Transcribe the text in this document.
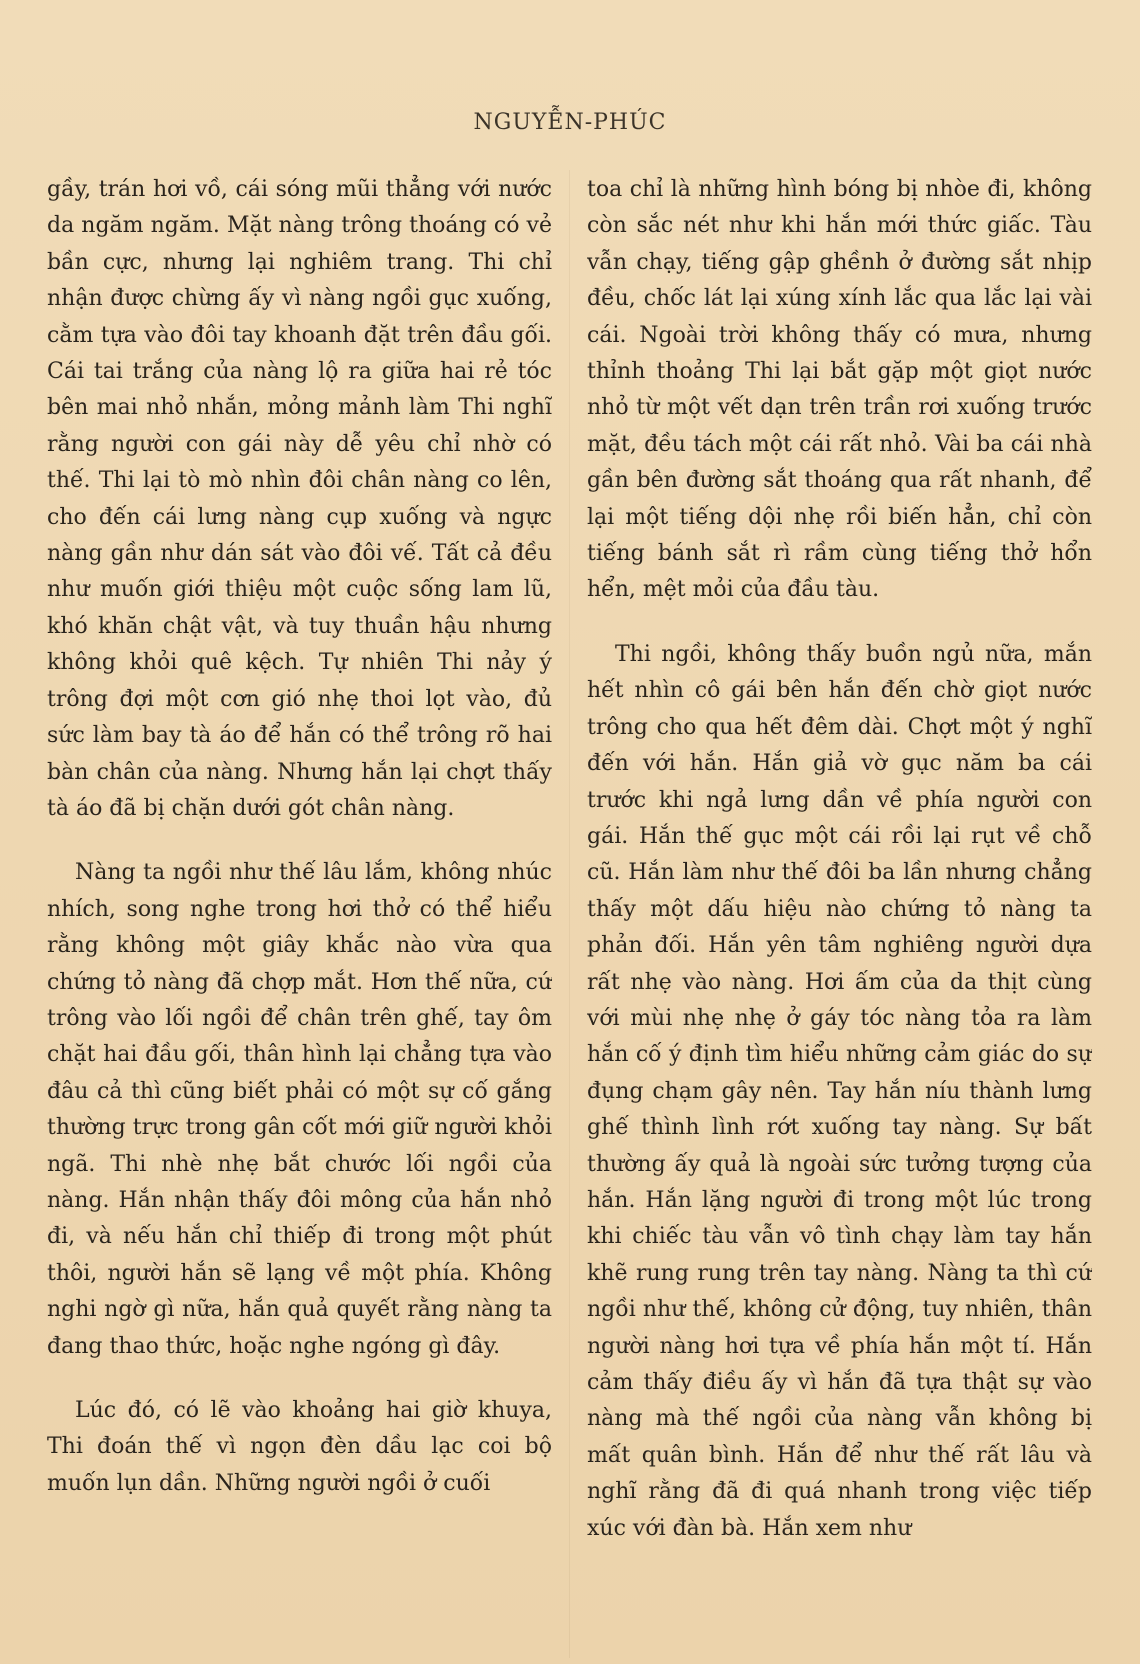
NGUYỄN-PHÚC

gầy, trán hơi vồ, cái sóng mũi thẳng với nước da ngăm ngăm. Mặt nàng trông thoáng có vẻ bần cực, nhưng lại nghiêm trang. Thi chỉ nhận được chừng ấy vì nàng ngồi gục xuống, cằm tựa vào đôi tay khoanh đặt trên đầu gối. Cái tai trắng của nàng lộ ra giữa hai rẻ tóc bên mai nhỏ nhắn, mỏng mảnh làm Thi nghĩ rằng người con gái này dễ yêu chỉ nhờ có thế. Thi lại tò mò nhìn đôi chân nàng co lên, cho đến cái lưng nàng cụp xuống và ngực nàng gần như dán sát vào đôi vế. Tất cả đều như muốn giới thiệu một cuộc sống lam lũ, khó khăn chật vật, và tuy thuần hậu nhưng không khỏi quê kệch. Tự nhiên Thi nảy ý trông đợi một cơn gió nhẹ thoi lọt vào, đủ sức làm bay tà áo để hắn có thể trông rõ hai bàn chân của nàng. Nhưng hắn lại chợt thấy tà áo đã bị chặn dưới gót chân nàng.

Nàng ta ngồi như thế lâu lắm, không nhúc nhích, song nghe trong hơi thở có thể hiểu rằng không một giây khắc nào vừa qua chứng tỏ nàng đã chợp mắt. Hơn thế nữa, cứ trông vào lối ngồi để chân trên ghế, tay ôm chặt hai đầu gối, thân hình lại chẳng tựa vào đâu cả thì cũng biết phải có một sự cố gắng thường trực trong gân cốt mới giữ người khỏi ngã. Thi nhè nhẹ bắt chước lối ngồi của nàng. Hắn nhận thấy đôi mông của hắn nhỏ đi, và nếu hắn chỉ thiếp đi trong một phút thôi, người hắn sẽ lạng về một phía. Không nghi ngờ gì nữa, hắn quả quyết rằng nàng ta đang thao thức, hoặc nghe ngóng gì đây.

Lúc đó, có lẽ vào khoảng hai giờ khuya, Thi đoán thế vì ngọn đèn dầu lạc coi bộ muốn lụn dần. Những người ngồi ở cuối

toa chỉ là những hình bóng bị nhòe đi, không còn sắc nét như khi hắn mới thức giấc. Tàu vẫn chạy, tiếng gập ghềnh ở đường sắt nhịp đều, chốc lát lại xúng xính lắc qua lắc lại vài cái. Ngoài trời không thấy có mưa, nhưng thỉnh thoảng Thi lại bắt gặp một giọt nước nhỏ từ một vết dạn trên trần rơi xuống trước mặt, đều tách một cái rất nhỏ. Vài ba cái nhà gần bên đường sắt thoáng qua rất nhanh, để lại một tiếng dội nhẹ rồi biến hẳn, chỉ còn tiếng bánh sắt rì rầm cùng tiếng thở hổn hển, mệt mỏi của đầu tàu.

Thi ngồi, không thấy buồn ngủ nữa, mắn hết nhìn cô gái bên hắn đến chờ giọt nước trông cho qua hết đêm dài. Chợt một ý nghĩ đến với hắn. Hắn giả vờ gục năm ba cái trước khi ngả lưng dần về phía người con gái. Hắn thế gục một cái rồi lại rụt về chỗ cũ. Hắn làm như thế đôi ba lần nhưng chẳng thấy một dấu hiệu nào chứng tỏ nàng ta phản đối. Hắn yên tâm nghiêng người dựa rất nhẹ vào nàng. Hơi ấm của da thịt cùng với mùi nhẹ nhẹ ở gáy tóc nàng tỏa ra làm hắn cố ý định tìm hiểu những cảm giác do sự đụng chạm gây nên. Tay hắn níu thành lưng ghế thình lình rớt xuống tay nàng. Sự bất thường ấy quả là ngoài sức tưởng tượng của hắn. Hắn lặng người đi trong một lúc trong khi chiếc tàu vẫn vô tình chạy làm tay hắn khẽ rung rung trên tay nàng. Nàng ta thì cứ ngồi như thế, không cử động, tuy nhiên, thân người nàng hơi tựa về phía hắn một tí. Hắn cảm thấy điều ấy vì hắn đã tựa thật sự vào nàng mà thế ngồi của nàng vẫn không bị mất quân bình. Hắn để như thế rất lâu và nghĩ rằng đã đi quá nhanh trong việc tiếp xúc với đàn bà. Hắn xem như
